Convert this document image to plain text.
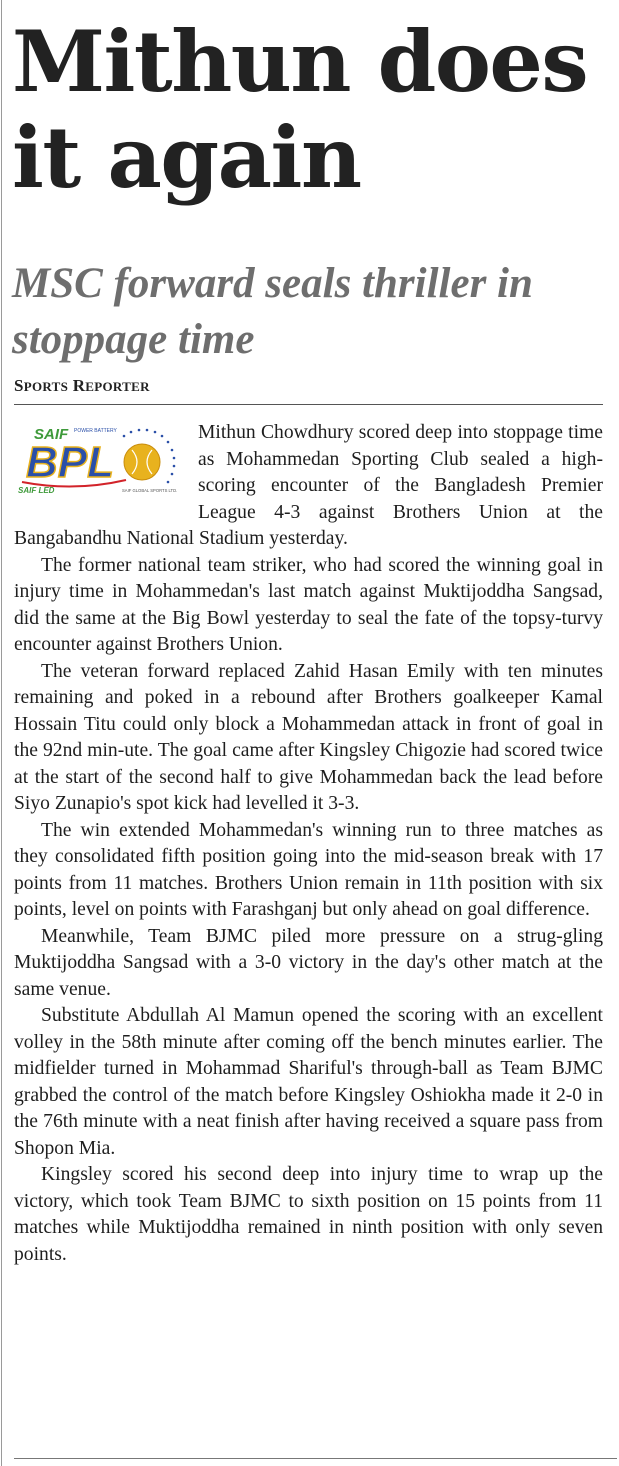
Mithun does it again
MSC forward seals thriller in stoppage time

SPORTS REPORTER

SAIF POWER BATTERY
BPL
SAIF LED	SAIF GLOBAL SPORTS LTD.

Mithun Chowdhury scored deep into stoppage time as Mohammedan Sporting Club sealed a high-scoring encounter of the Bangladesh Premier League 4-3 against Brothers Union at the Bangabandhu National Stadium yesterday.

The former national team striker, who had scored the winning goal in injury time in Mohammedan's last match against Muktijoddha Sangsad, did the same at the Big Bowl yesterday to seal the fate of the topsy-turvy encounter against Brothers Union.

The veteran forward replaced Zahid Hasan Emily with ten minutes remaining and poked in a rebound after Brothers goalkeeper Kamal Hossain Titu could only block a Mohammedan attack in front of goal in the 92nd min-ute. The goal came after Kingsley Chigozie had scored twice at the start of the second half to give Mohammedan back the lead before Siyo Zunapio's spot kick had levelled it 3-3.

The win extended Mohammedan's winning run to three matches as they consolidated fifth position going into the mid-season break with 17 points from 11 matches. Brothers Union remain in 11th position with six points, level on points with Farashganj but only ahead on goal difference.

Meanwhile, Team BJMC piled more pressure on a strug-gling Muktijoddha Sangsad with a 3-0 victory in the day's other match at the same venue.

Substitute Abdullah Al Mamun opened the scoring with an excellent volley in the 58th minute after coming off the bench minutes earlier. The midfielder turned in Mohammad Shariful's through-ball as Team BJMC grabbed the control of the match before Kingsley Oshiokha made it 2-0 in the 76th minute with a neat finish after having received a square pass from Shopon Mia.

Kingsley scored his second deep into injury time to wrap up the victory, which took Team BJMC to sixth position on 15 points from 11 matches while Muktijoddha remained in ninth position with only seven points.
